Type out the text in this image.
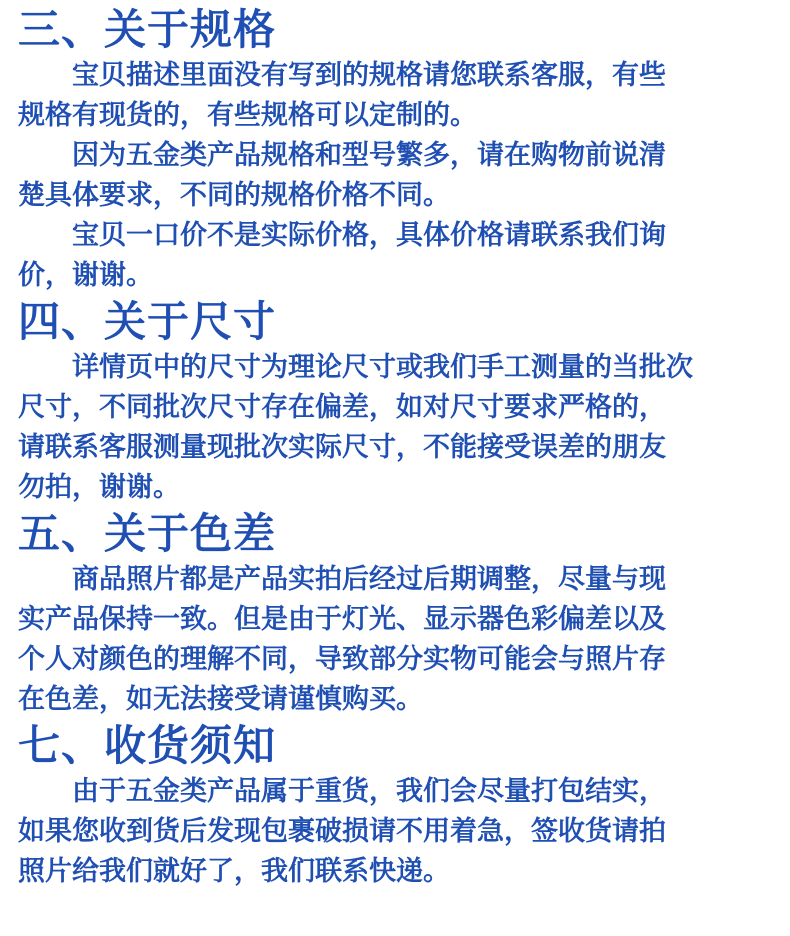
三、关于规格

宝贝描述里面没有写到的规格请您联系客服，有些
规格有现货的，有些规格可以定制的。

因为五金类产品规格和型号繁多，请在购物前说清
楚具体要求，不同的规格价格不同。

宝贝一口价不是实际价格，具体价格请联系我们询
价，谢谢。

四、关于尺寸

详情页中的尺寸为理论尺寸或我们手工测量的当批次
尺寸，不同批次尺寸存在偏差，如对尺寸要求严格的，
请联系客服测量现批次实际尺寸，不能接受误差的朋友
勿拍，谢谢。

五、关于色差

商品照片都是产品实拍后经过后期调整，尽量与现
实产品保持一致。但是由于灯光、显示器色彩偏差以及
个人对颜色的理解不同，导致部分实物可能会与照片存
在色差，如无法接受请谨慎购买。

七、收货须知

由于五金类产品属于重货，我们会尽量打包结实，
如果您收到货后发现包裹破损请不用着急，签收货请拍
照片给我们就好了，我们联系快递。
